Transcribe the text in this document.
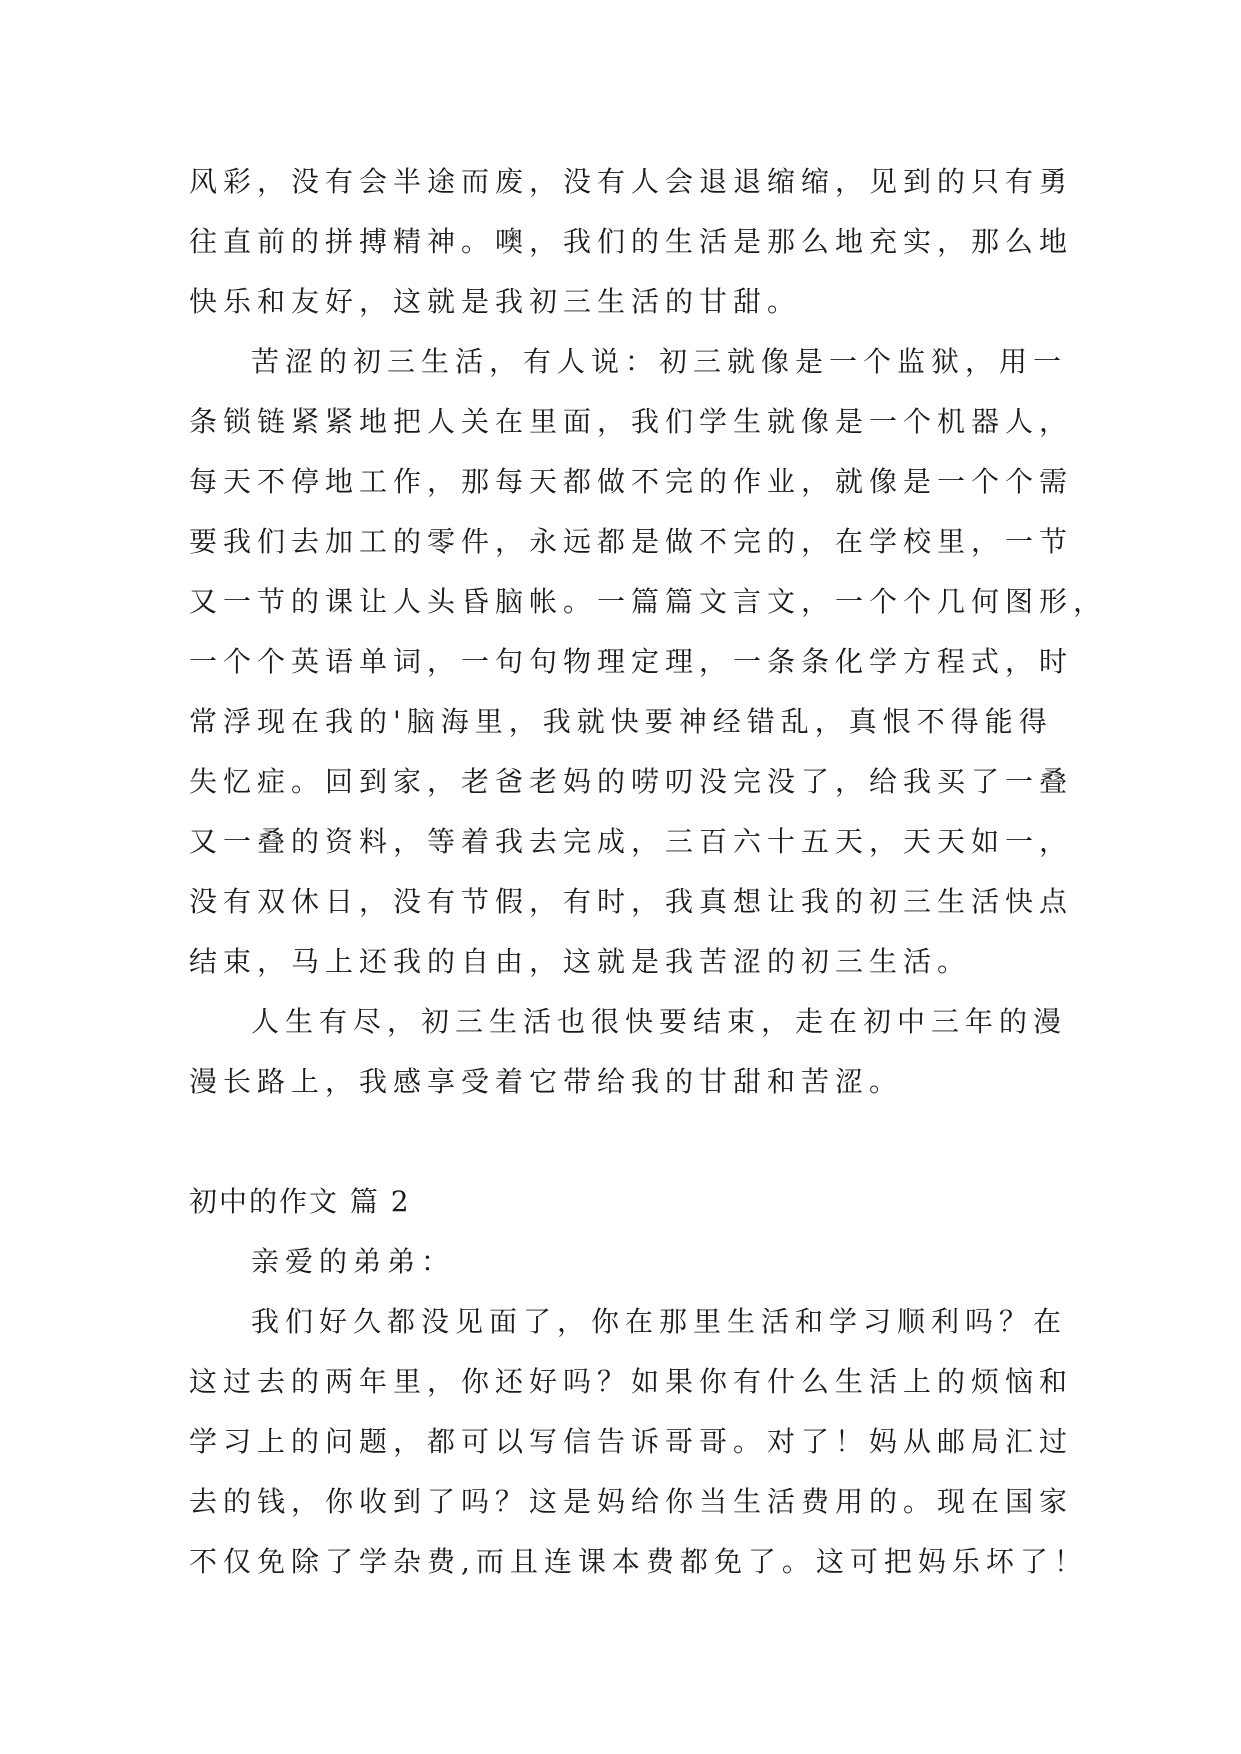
风彩，没有会半途而废，没有人会退退缩缩，见到的只有勇
往直前的拼搏精神。噢，我们的生活是那么地充实，那么地
快乐和友好，这就是我初三生活的甘甜。
苦涩的初三生活，有人说：初三就像是一个监狱，用一
条锁链紧紧地把人关在里面，我们学生就像是一个机器人，
每天不停地工作，那每天都做不完的作业，就像是一个个需
要我们去加工的零件，永远都是做不完的，在学校里，一节
又一节的课让人头昏脑帐。一篇篇文言文，一个个几何图形，
一个个英语单词，一句句物理定理，一条条化学方程式，时
常浮现在我的'脑海里，我就快要神经错乱，真恨不得能得
失忆症。回到家，老爸老妈的唠叨没完没了，给我买了一叠
又一叠的资料，等着我去完成，三百六十五天，天天如一，
没有双休日，没有节假，有时，我真想让我的初三生活快点
结束，马上还我的自由，这就是我苦涩的初三生活。
人生有尽，初三生活也很快要结束，走在初中三年的漫
漫长路上，我感享受着它带给我的甘甜和苦涩。
初中的作文 篇 2
亲爱的弟弟：
我们好久都没见面了，你在那里生活和学习顺利吗？在
这过去的两年里，你还好吗？如果你有什么生活上的烦恼和
学习上的问题，都可以写信告诉哥哥。对了！妈从邮局汇过
去的钱，你收到了吗？这是妈给你当生活费用的。现在国家
不仅免除了学杂费,而且连课本费都免了。这可把妈乐坏了！
